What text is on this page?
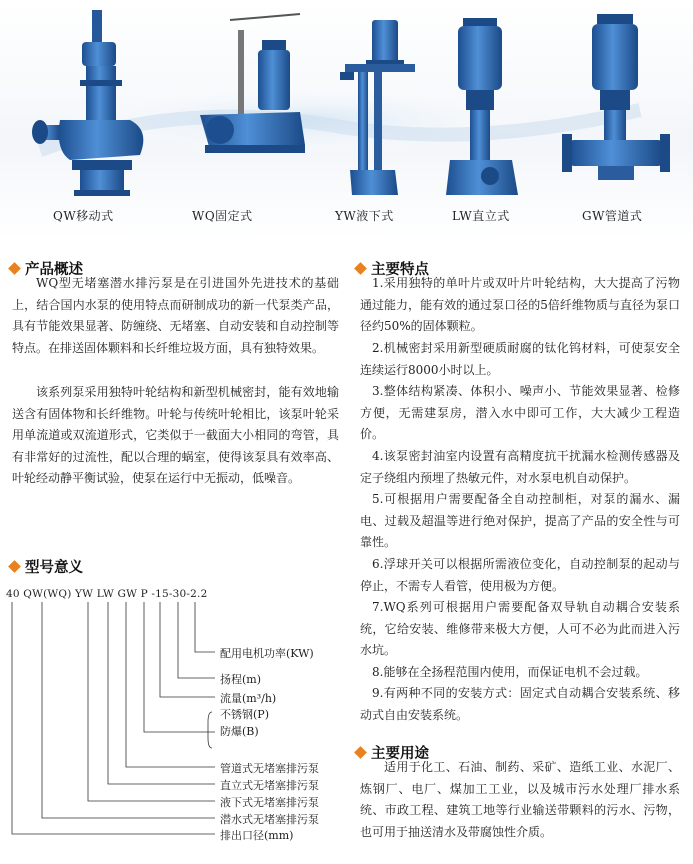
QW移动式	WQ固定式	YW液下式	LW直立式	GW管道式
产品概述

WQ型无堵塞潜水排污泵是在引进国外先进技术的基础上，结合国内水泵的使用特点而研制成功的新一代泵类产品，具有节能效果显著、防缠绕、无堵塞、自动安装和自动控制等特点。在排送固体颗料和长纤维垃圾方面，具有独特效果。

该系列泵采用独特叶轮结构和新型机械密封，能有效地输送含有固体物和长纤维物。叶轮与传统叶轮相比，该泵叶轮采用单流道或双流道形式，它类似于一截面大小相同的弯管，具有非常好的过流性，配以合理的蜗室，使得该泵具有效率高、叶轮经动静平衡试验，使泵在运行中无振动，低噪音。

型号意义
40 QW(WQ) YW LW GW P -15-30-2.2
配用电机功率(KW)
扬程(m)
流量(m³/h)
不锈钢(P)
防爆(B)
管道式无堵塞排污泵
直立式无堵塞排污泵
液下式无堵塞排污泵
潜水式无堵塞排污泵
排出口径(mm)
主要特点

1.采用独特的单叶片或双叶片叶轮结构，大大提高了污物通过能力，能有效的通过泵口径的5倍纤维物质与直径为泵口径约50%的固体颗粒。

2.机械密封采用新型硬质耐腐的钛化钨材料，可使泵安全连续运行8000小时以上。

3.整体结构紧凑、体积小、噪声小、节能效果显著、检修方便，无需建泵房，潜入水中即可工作，大大减少工程造价。

4.该泵密封油室内设置有高精度抗干扰漏水检测传感器及定子绕组内预埋了热敏元件，对水泵电机自动保护。

5.可根据用户需要配备全自动控制柜，对泵的漏水、漏电、过载及超温等进行绝对保护，提高了产品的安全性与可靠性。

6.浮球开关可以根据所需液位变化，自动控制泵的起动与停止，不需专人看管，使用极为方便。

7.WQ系列可根据用户需要配备双导轨自动耦合安装系统，它给安装、维修带来极大方便，人可不必为此而进入污水坑。

8.能够在全扬程范围内使用，而保证电机不会过载。

9.有两种不同的安装方式：固定式自动耦合安装系统、移动式自由安装系统。

主要用途

适用于化工、石油、制药、采矿、造纸工业、水泥厂、炼钢厂、电厂、煤加工工业，以及城市污水处理厂排水系统、市政工程、建筑工地等行业输送带颗料的污水、污物，也可用于抽送清水及带腐蚀性介质。
